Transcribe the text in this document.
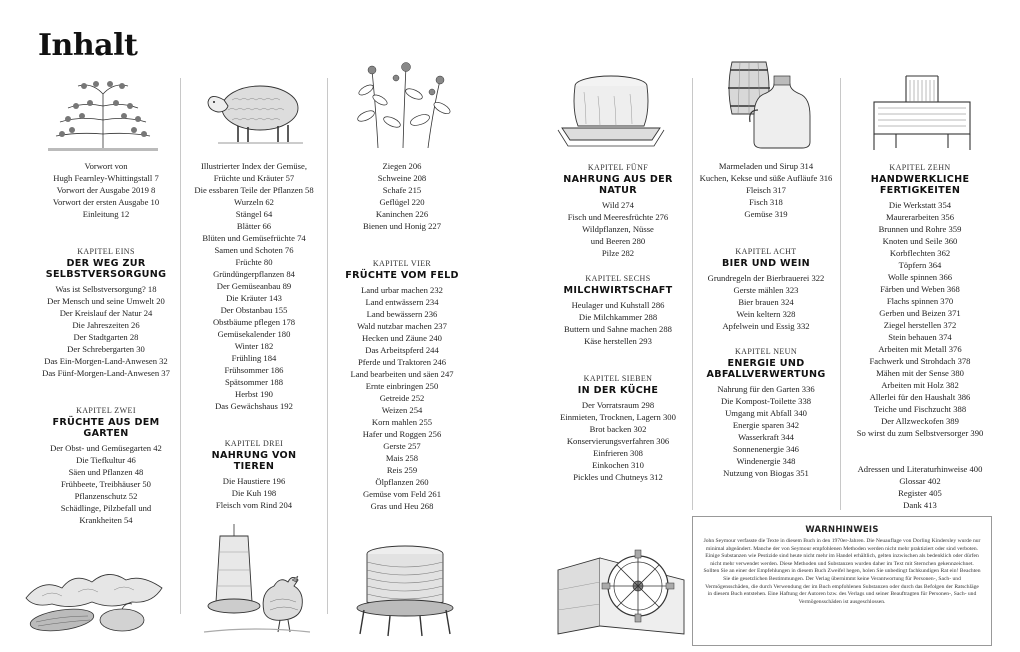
Inhalt
Vorwort von
Hugh Fearnley-Whittingstall 7
Vorwort der Ausgabe 2019 8
Vorwort der ersten Ausgabe 10
Einleitung 12
KAPITEL EINS
DER WEG ZUR SELBSTVERSORGUNG
Was ist Selbstversorgung? 18
Der Mensch und seine Umwelt 20
Der Kreislauf der Natur 24
Die Jahreszeiten 26
Der Stadtgarten 28
Der Schrebergarten 30
Das Ein-Morgen-Land-Anwesen 32
Das Fünf-Morgen-Land-Anwesen 37
KAPITEL ZWEI
FRÜCHTE AUS DEM GARTEN
Der Obst- und Gemüsegarten 42
Die Tiefkultur 46
Säen und Pflanzen 48
Frühbeete, Treibhäuser 50
Pflanzenschutz 52
Schädlinge, Pilzbefall und
Krankheiten 54
Illustrierter Index der Gemüse,
Früchte und Kräuter 57
Die essbaren Teile der Pflanzen 58
Wurzeln 62
Stängel 64
Blätter 66
Blüten und Gemüsefrüchte 74
Samen und Schoten 76
Früchte 80
Gründüngerpflanzen 84
Der Gemüseanbau 89
Die Kräuter 143
Der Obstanbau 155
Obstbäume pflegen 178
Gemüsekalender 180
Winter 182
Frühling 184
Frühsommer 186
Spätsommer 188
Herbst 190
Das Gewächshaus 192
KAPITEL DREI
NAHRUNG VON TIEREN
Die Haustiere 196
Die Kuh 198
Fleisch vom Rind 204
Ziegen 206
Schweine 208
Schafe 215
Geflügel 220
Kaninchen 226
Bienen und Honig 227
KAPITEL VIER
FRÜCHTE VOM FELD
Land urbar machen 232
Land entwässern 234
Land bewässern 236
Wald nutzbar machen 237
Hecken und Zäune 240
Das Arbeitspferd 244
Pferde und Traktoren 246
Land bearbeiten und säen 247
Ernte einbringen 250
Getreide 252
Weizen 254
Korn mahlen 255
Hafer und Roggen 256
Gerste 257
Mais 258
Reis 259
Ölpflanzen 260
Gemüse vom Feld 261
Gras und Heu 268
KAPITEL FÜNF
NAHRUNG AUS DER NATUR
Wild 274
Fisch und Meeresfrüchte 276
Wildpflanzen, Nüsse
und Beeren 280
Pilze 282
KAPITEL SECHS
MILCHWIRTSCHAFT
Heulager und Kuhstall 286
Die Milchkammer 288
Buttern und Sahne machen 288
Käse herstellen 293
KAPITEL SIEBEN
IN DER KÜCHE
Der Vorratsraum 298
Einmieten, Trocknen, Lagern 300
Brot backen 302
Konservierungsverfahren 306
Einfrieren 308
Einkochen 310
Pickles und Chutneys 312
Marmeladen und Sirup 314
Kuchen, Kekse und süße Aufläufe 316
Fleisch 317
Fisch 318
Gemüse 319
KAPITEL ACHT
BIER UND WEIN
Grundregeln der Bierbrauerei 322
Gerste mählen 323
Bier brauen 324
Wein keltern 328
Apfelwein und Essig 332
KAPITEL NEUN
ENERGIE UND ABFALLVERWERTUNG
Nahrung für den Garten 336
Die Kompost-Toilette 338
Umgang mit Abfall 340
Energie sparen 342
Wasserkraft 344
Sonnenenergie 346
Windenergie 348
Nutzung von Biogas 351
KAPITEL ZEHN
HANDWERKLICHE FERTIGKEITEN
Die Werkstatt 354
Maurerarbeiten 356
Brunnen und Rohre 359
Knoten und Seile 360
Korbflechten 362
Töpfern 364
Wolle spinnen 366
Färben und Weben 368
Flachs spinnen 370
Gerben und Beizen 371
Ziegel herstellen 372
Stein behauen 374
Arbeiten mit Metall 376
Fachwerk und Strohdach 378
Mähen mit der Sense 380
Arbeiten mit Holz 382
Allerlei für den Haushalt 386
Teiche und Fischzucht 388
Der Allzweckofen 389
So wirst du zum Selbstversorger 390
Adressen und Literaturhinweise 400
Glossar 402
Register 405
Dank 413
WARNHINWEIS
John Seymour verfasste die Texte in diesem Buch in den 1970er-Jahren. Die Neuauflage von Dorling Kindersley wurde nur minimal abgeändert. Manche der von Seymour empfohlenen Methoden werden nicht mehr praktiziert oder sind verboten. Einige Substanzen wie Pestizide sind heute nicht mehr im Handel erhältlich, gelten inzwischen als bedenklich oder dürfen nicht mehr verwendet werden. Diese Methoden und Substanzen wurden daher im Text mit Sternchen gekennzeichnet. Sollten Sie an einer der Empfehlungen in diesem Buch Zweifel hegen, holen Sie unbedingt fachkundigen Rat ein! Beachten Sie die gesetzlichen Bestimmungen. Der Verlag übernimmt keine Verantwortung für Personen-, Sach- und Vermögensschäden, die durch Verwendung der im Buch empfohlenen Substanzen oder durch das Befolgen der Ratschläge in diesem Buch entstehen. Eine Haftung der Autoren bzw. des Verlags und seiner Beauftragten für Personen-, Sach- und Vermögensschäden ist ausgeschlossen.
